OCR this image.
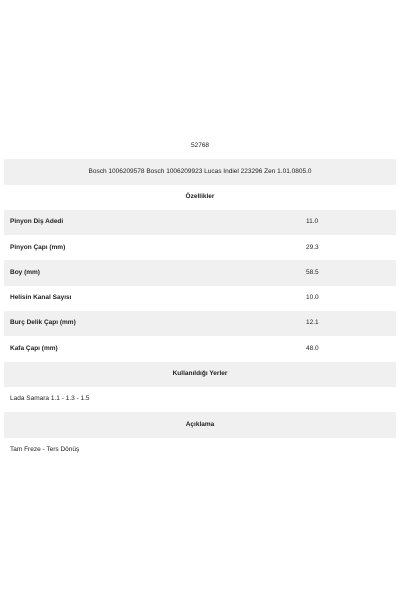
52768	
Bosch 1006209578 Bosch 1006209923 Lucas Indiel 223296 Zen 1.01.0805.0	
Özellikler	
Pinyon Diş Adedi	11.0
Pinyon Çapı (mm)	29.3
Boy (mm)	58.5
Helisin Kanal Sayısı	10.0
Burç Delik Çapı (mm)	12.1
Kafa Çapı (mm)	48.0
Kullanıldığı Yerler	
Lada Samara 1.1 - 1.3 - 1.5	
Açıklama	
Tam Freze - Ters Dönüş	
